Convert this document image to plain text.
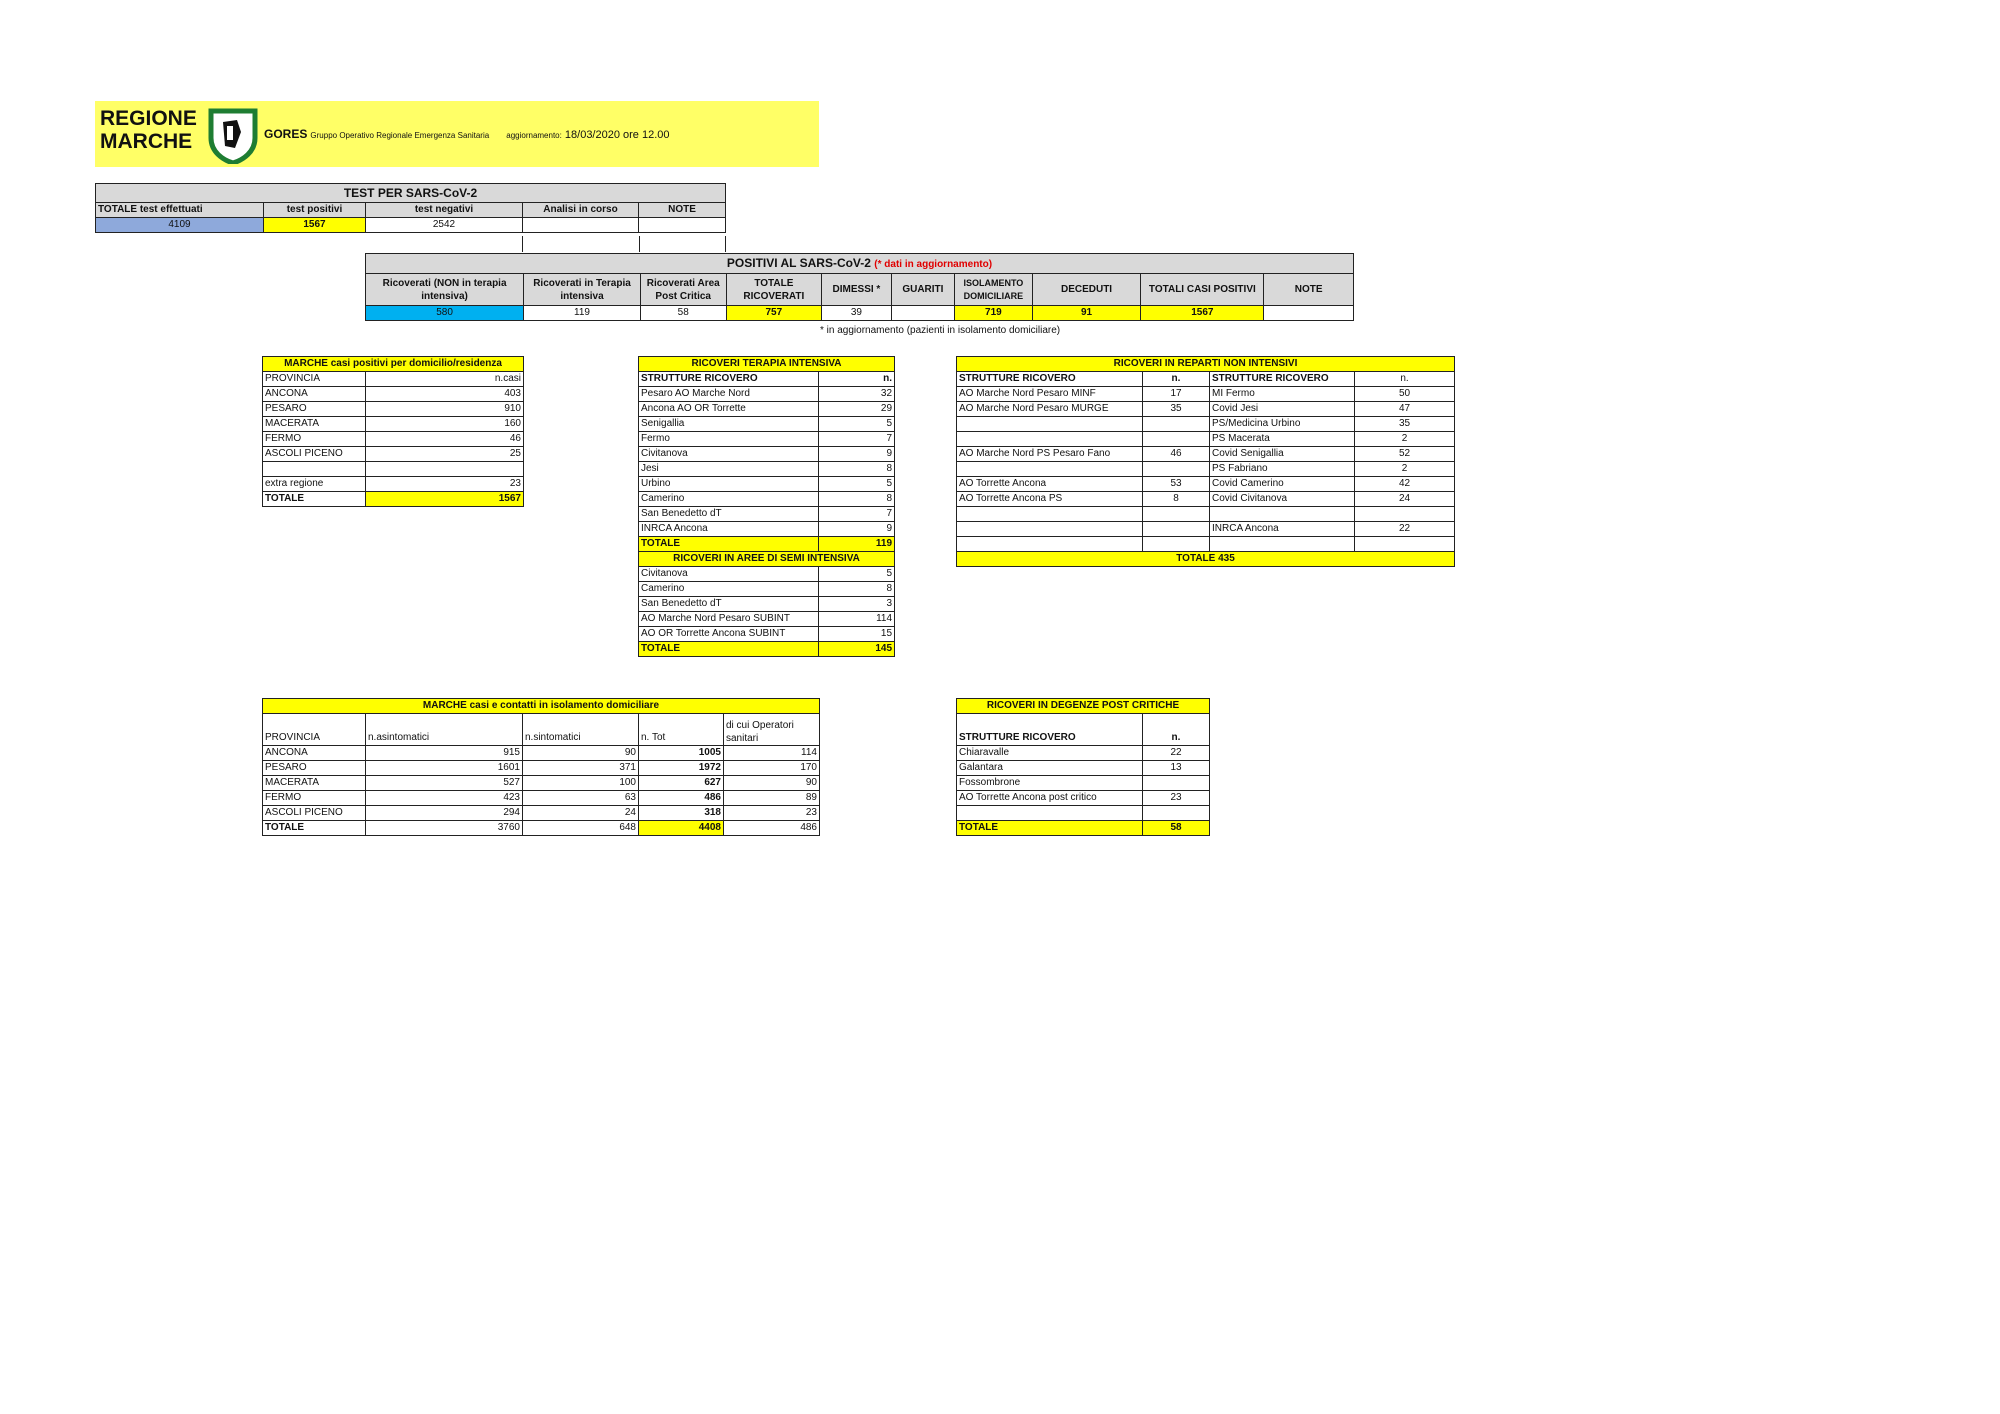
REGIONE
MARCHE	GORES Gruppo Operativo Regionale Emergenza Sanitaria aggiornamento: 18/03/2020 ore 12.00
TEST PER SARS-CoV-2				
TOTALE test effettuati	test positivi	test negativi	Analisi in corso	NOTE
4109	1567	2542		
POSITIVI AL SARS-CoV-2 (* dati in aggiornamento)									
Ricoverati (NON in terapia intensiva)	Ricoverati in Terapia intensiva	Ricoverati Area Post Critica	TOTALE RICOVERATI	DIMESSI *	GUARITI	ISOLAMENTO DOMICILIARE	DECEDUTI	TOTALI CASI POSITIVI	NOTE
580	119	58	757	39		719	91	1567	
* in aggiornamento (pazienti in isolamento domiciliare)
MARCHE casi positivi per domicilio/residenza	
PROVINCIA	n.casi
ANCONA	403
PESARO	910
MACERATA	160
FERMO	46
ASCOLI PICENO	25

extra regione	23
TOTALE	1567
RICOVERI TERAPIA INTENSIVA	
STRUTTURE RICOVERO	n.
Pesaro AO Marche Nord	32
Ancona AO OR Torrette	29
Senigallia	5
Fermo	7
Civitanova	9
Jesi	8
Urbino	5
Camerino	8
San Benedetto dT	7
INRCA Ancona	9
TOTALE	119
RICOVERI IN AREE DI SEMI INTENSIVA	
Civitanova	5
Camerino	8
San Benedetto dT	3
AO Marche Nord Pesaro SUBINT	114
AO OR Torrette Ancona SUBINT	15
TOTALE	145
RICOVERI IN REPARTI NON INTENSIVI			
STRUTTURE RICOVERO	n.	STRUTTURE RICOVERO	n.
AO Marche Nord Pesaro MINF	17	MI Fermo	50
AO Marche Nord Pesaro MURGE	35	Covid Jesi	47
		PS/Medicina Urbino	35
		PS Macerata	2
AO Marche Nord PS Pesaro Fano	46	Covid Senigallia	52
		PS Fabriano	2
AO Torrette Ancona	53	Covid Camerino	42
AO Torrette Ancona PS	8	Covid Civitanova	24

		INRCA Ancona	22

TOTALE 435			
MARCHE casi e contatti in isolamento domiciliare				
PROVINCIA	n.asintomatici	n.sintomatici	n. Tot	di cui Operatori sanitari
ANCONA	915	90	1005	114
PESARO	1601	371	1972	170
MACERATA	527	100	627	90
FERMO	423	63	486	89
ASCOLI PICENO	294	24	318	23
TOTALE	3760	648	4408	486
RICOVERI IN DEGENZE POST CRITICHE	
STRUTTURE RICOVERO	n.
Chiaravalle	22
Galantara	13
Fossombrone	
AO Torrette Ancona post critico	23

TOTALE	58
